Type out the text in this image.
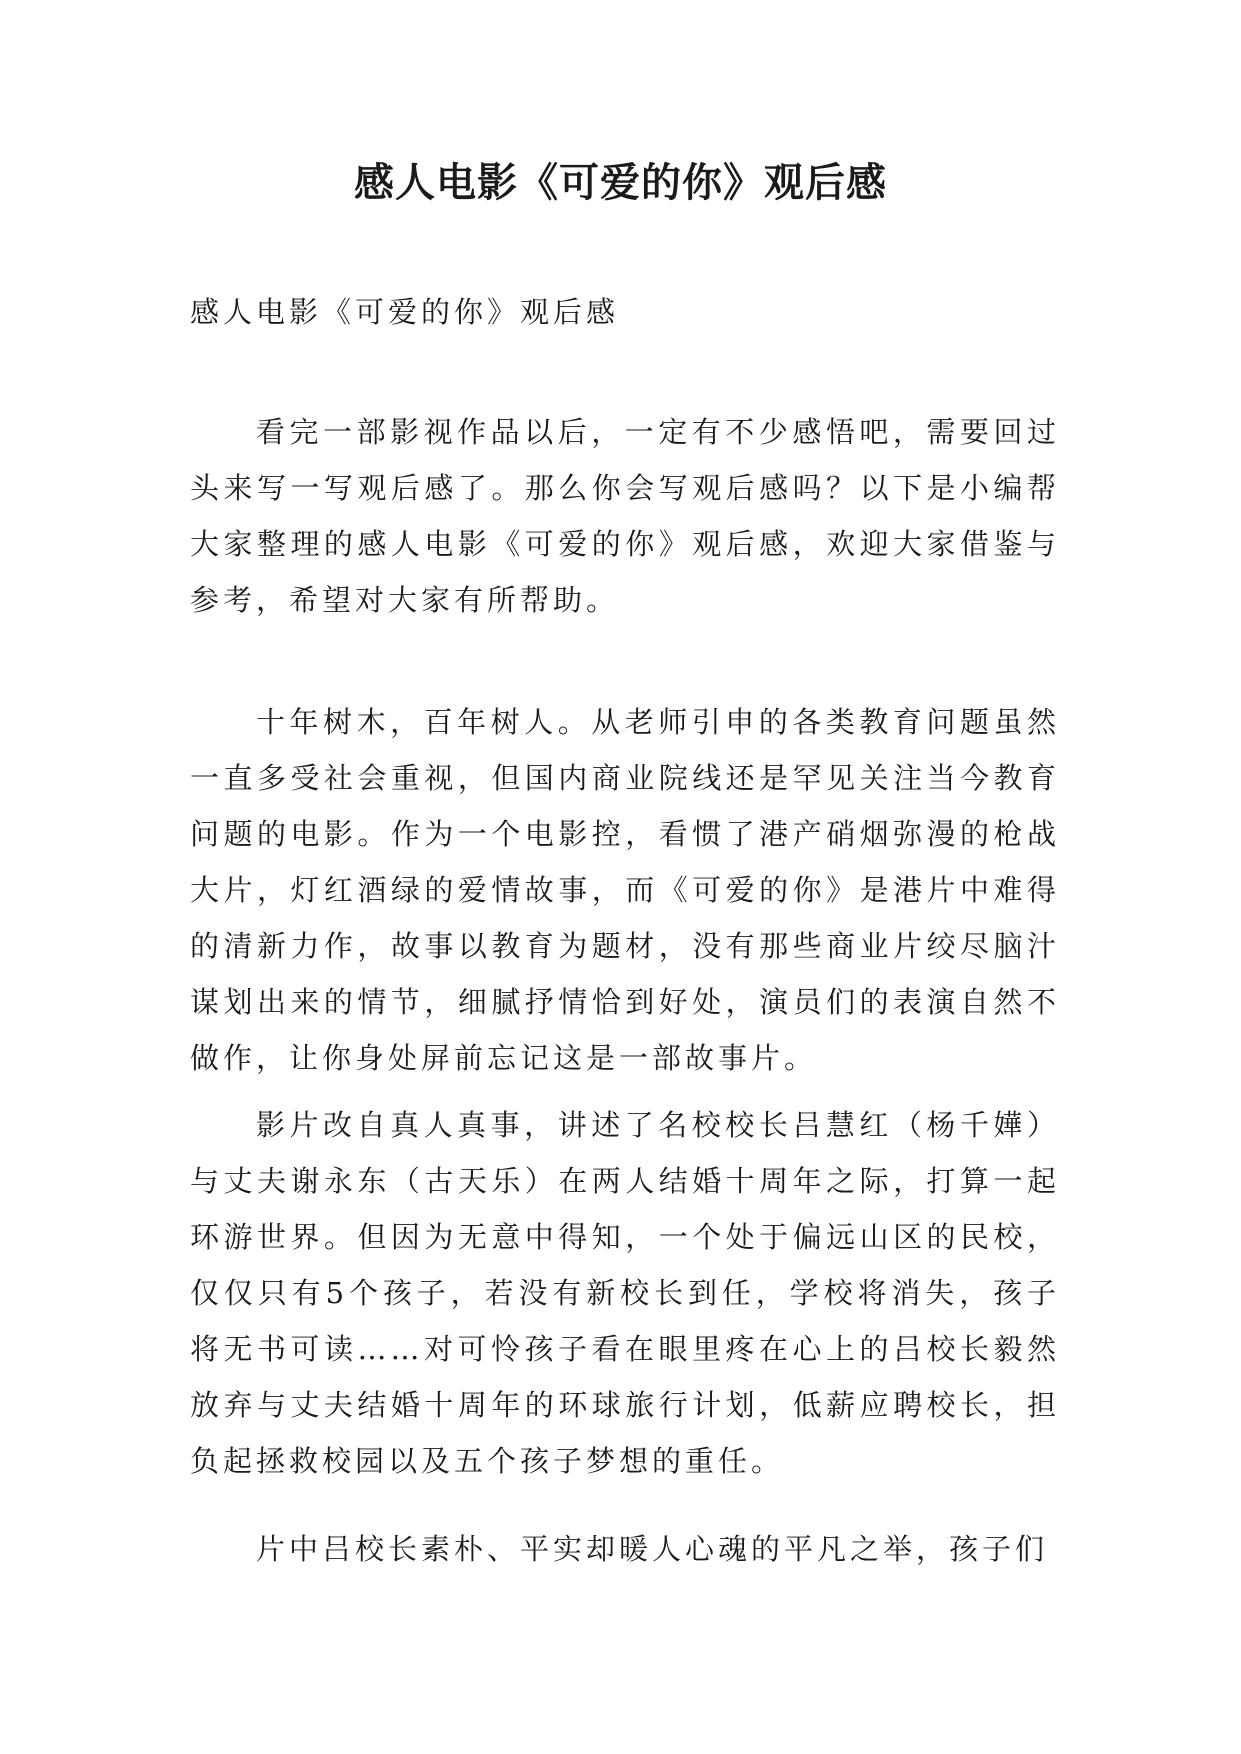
感人电影《可爱的你》观后感
感人电影《可爱的你》观后感

看完一部影视作品以后，一定有不少感悟吧，需要回过头来写一写观后感了。那么你会写观后感吗？以下是小编帮大家整理的感人电影《可爱的你》观后感，欢迎大家借鉴与参考，希望对大家有所帮助。

十年树木，百年树人。从老师引申的各类教育问题虽然一直多受社会重视，但国内商业院线还是罕见关注当今教育问题的电影。作为一个电影控，看惯了港产硝烟弥漫的枪战大片，灯红酒绿的爱情故事，而《可爱的你》是港片中难得的清新力作，故事以教育为题材，没有那些商业片绞尽脑汁谋划出来的情节，细腻抒情恰到好处，演员们的表演自然不做作，让你身处屏前忘记这是一部故事片。

影片改自真人真事，讲述了名校校长吕慧红（杨千嬅）与丈夫谢永东（古天乐）在两人结婚十周年之际，打算一起环游世界。但因为无意中得知，一个处于偏远山区的民校，仅仅只有5个孩子，若没有新校长到任，学校将消失，孩子将无书可读……对可怜孩子看在眼里疼在心上的吕校长毅然放弃与丈夫结婚十周年的环球旅行计划，低薪应聘校长，担负起拯救校园以及五个孩子梦想的重任。

片中吕校长素朴、平实却暖人心魂的平凡之举，孩子们
